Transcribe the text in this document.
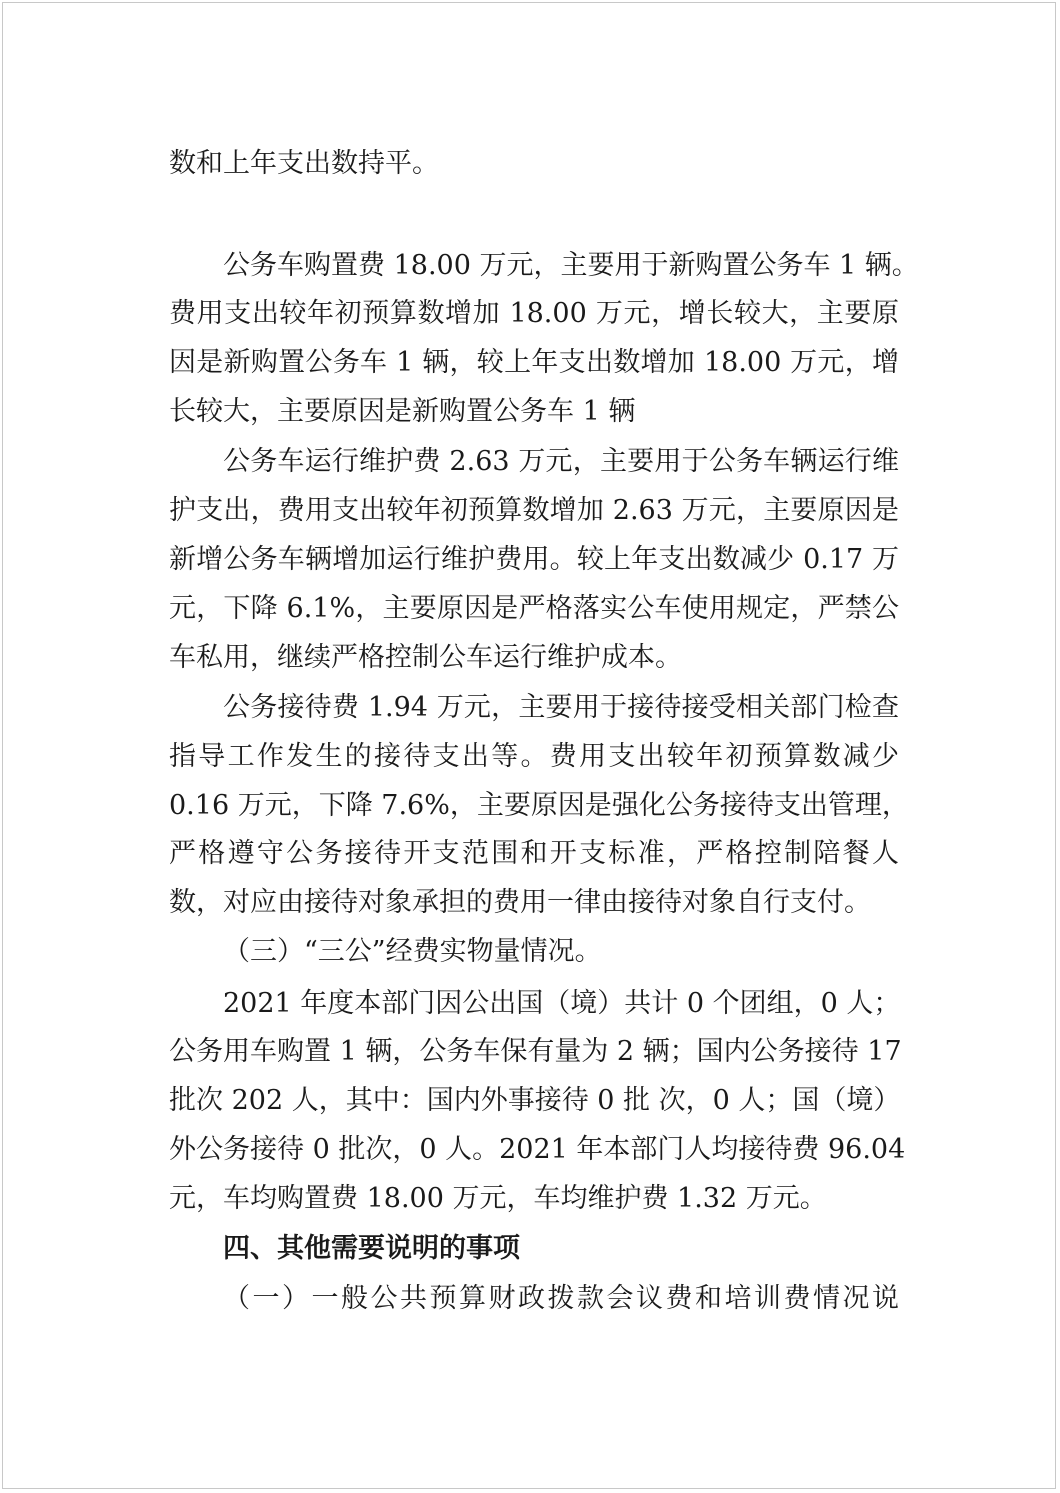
数和上年支出数持平。

公务车购置费 18.00 万元，主要用于新购置公务车 1 辆。

费用支出较年初预算数增加 18.00 万元，增长较大，主要原

因是新购置公务车 1 辆，较上年支出数增加 18.00 万元，增

长较大，主要原因是新购置公务车 1 辆

公务车运行维护费 2.63 万元，主要用于公务车辆运行维

护支出，费用支出较年初预算数增加 2.63 万元，主要原因是

新增公务车辆增加运行维护费用。较上年支出数减少 0.17 万

元，下降 6.1%，主要原因是严格落实公车使用规定，严禁公

车私用，继续严格控制公车运行维护成本。

公务接待费 1.94 万元，主要用于接待接受相关部门检查

指导工作发生的接待支出等。费用支出较年初预算数减少

0.16 万元，下降 7.6%，主要原因是强化公务接待支出管理，

严格遵守公务接待开支范围和开支标准，严格控制陪餐人

数，对应由接待对象承担的费用一律由接待对象自行支付。

（三）“三公”经费实物量情况。

2021 年度本部门因公出国（境）共计 0 个团组，0 人；

公务用车购置 1 辆，公务车保有量为 2 辆；国内公务接待 17

批次 202 人，其中：国内外事接待 0 批 次，0 人；国（境）

外公务接待 0 批次，0 人。2021 年本部门人均接待费 96.04

元，车均购置费 18.00 万元，车均维护费 1.32 万元。

四、其他需要说明的事项

（一）一般公共预算财政拨款会议费和培训费情况说
